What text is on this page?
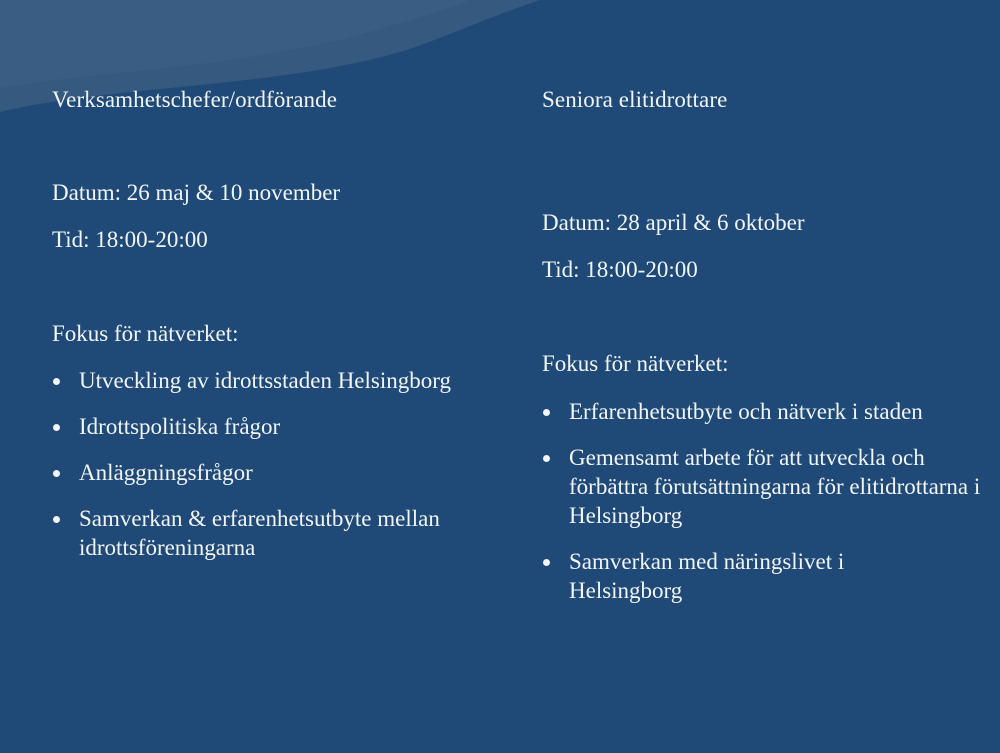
Verksamhetschefer/ordförande
Datum: 26 maj & 10 november
Tid: 18:00-20:00
Fokus för nätverket:
Utveckling av idrottsstaden Helsingborg
Idrottspolitiska frågor
Anläggningsfrågor
Samverkan & erfarenhetsutbyte mellan idrottsföreningarna
Seniora elitidrottare
Datum: 28 april & 6 oktober
Tid: 18:00-20:00
Fokus för nätverket:
Erfarenhetsutbyte och nätverk i staden
Gemensamt arbete för att utveckla och förbättra förutsättningarna för elitidrottarna i Helsingborg
Samverkan med näringslivet i Helsingborg
